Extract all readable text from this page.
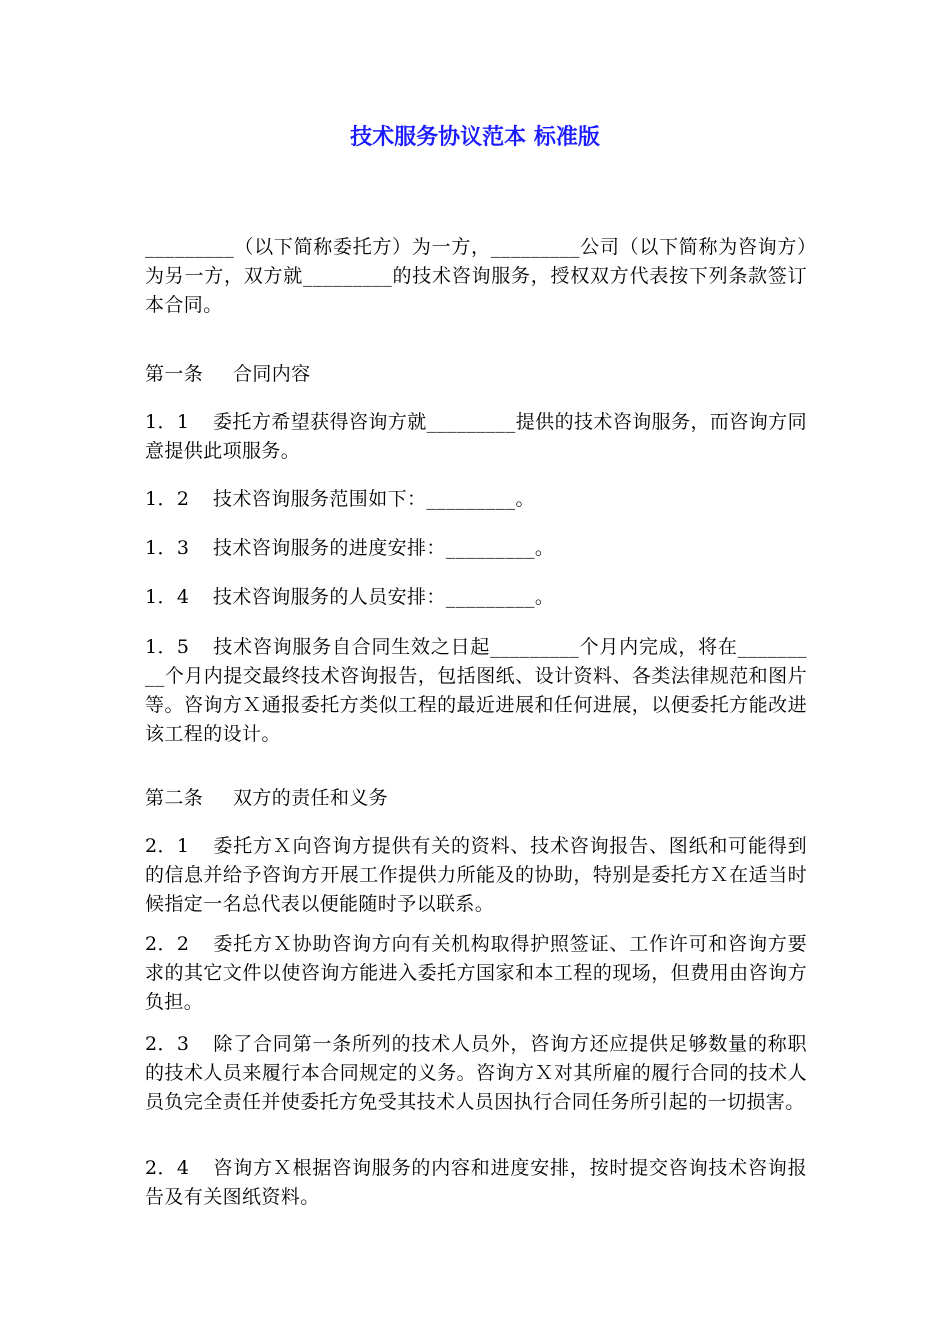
技术服务协议范本 标准版

_________（以下简称委托方）为一方，_________公司（以下简称为咨询方）为另一方，双方就_________的技术咨询服务，授权双方代表按下列条款签订本合同。

第一条 合同内容

1．1 委托方希望获得咨询方就_________提供的技术咨询服务，而咨询方同意提供此项服务。

1．2 技术咨询服务范围如下：_________。

1．3 技术咨询服务的进度安排：_________。

1．4 技术咨询服务的人员安排：_________。

1．5 技术咨询服务自合同生效之日起_________个月内完成，将在_________个月内提交最终技术咨询报告，包括图纸、设计资料、各类法律规范和图片等。咨询方Ｘ通报委托方类似工程的最近进展和任何进展，以便委托方能改进该工程的设计。

第二条 双方的责任和义务

2．1 委托方Ｘ向咨询方提供有关的资料、技术咨询报告、图纸和可能得到的信息并给予咨询方开展工作提供力所能及的协助，特别是委托方Ｘ在适当时候指定一名总代表以便能随时予以联系。

2．2 委托方Ｘ协助咨询方向有关机构取得护照签证、工作许可和咨询方要求的其它文件以使咨询方能进入委托方国家和本工程的现场，但费用由咨询方负担。

2．3 除了合同第一条所列的技术人员外，咨询方还应提供足够数量的称职的技术人员来履行本合同规定的义务。咨询方Ｘ对其所雇的履行合同的技术人员负完全责任并使委托方免受其技术人员因执行合同任务所引起的一切损害。

2．4 咨询方Ｘ根据咨询服务的内容和进度安排，按时提交咨询技术咨询报告及有关图纸资料。
